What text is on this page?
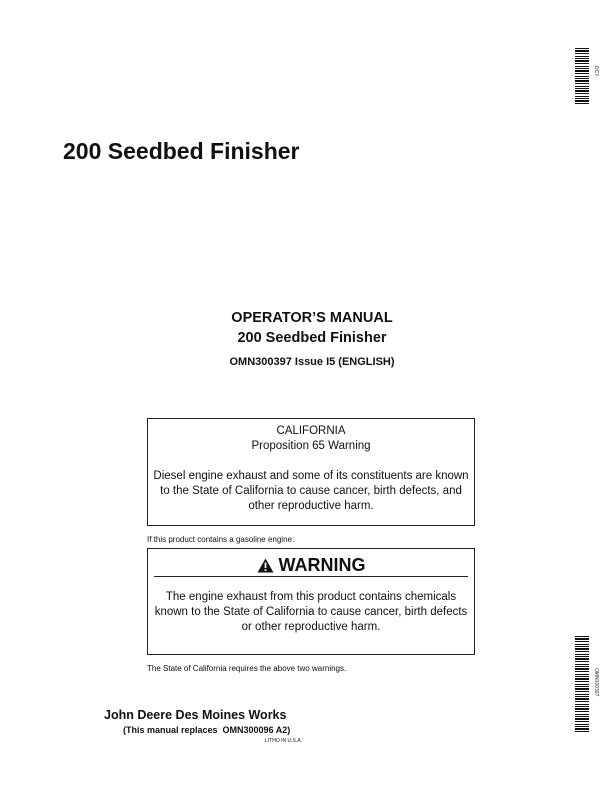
DCY
200 Seedbed Finisher
OPERATOR’S MANUAL
200 Seedbed Finisher
OMN300397 Issue I5 (ENGLISH)

CALIFORNIA

Proposition 65 Warning

Diesel engine exhaust and some of its constituents are known to the State of California to cause cancer, birth defects, and other reproductive harm.

If this product contains a gasoline engine:
WARNING

The engine exhaust from this product contains chemicals known to the State of California to cause cancer, birth defects or other reproductive harm.

The State of California requires the above two warnings.
John Deere Des Moines Works
(This manual replaces  OMN300096 A2)
LITHO IN U.S.A.
OMN300397
